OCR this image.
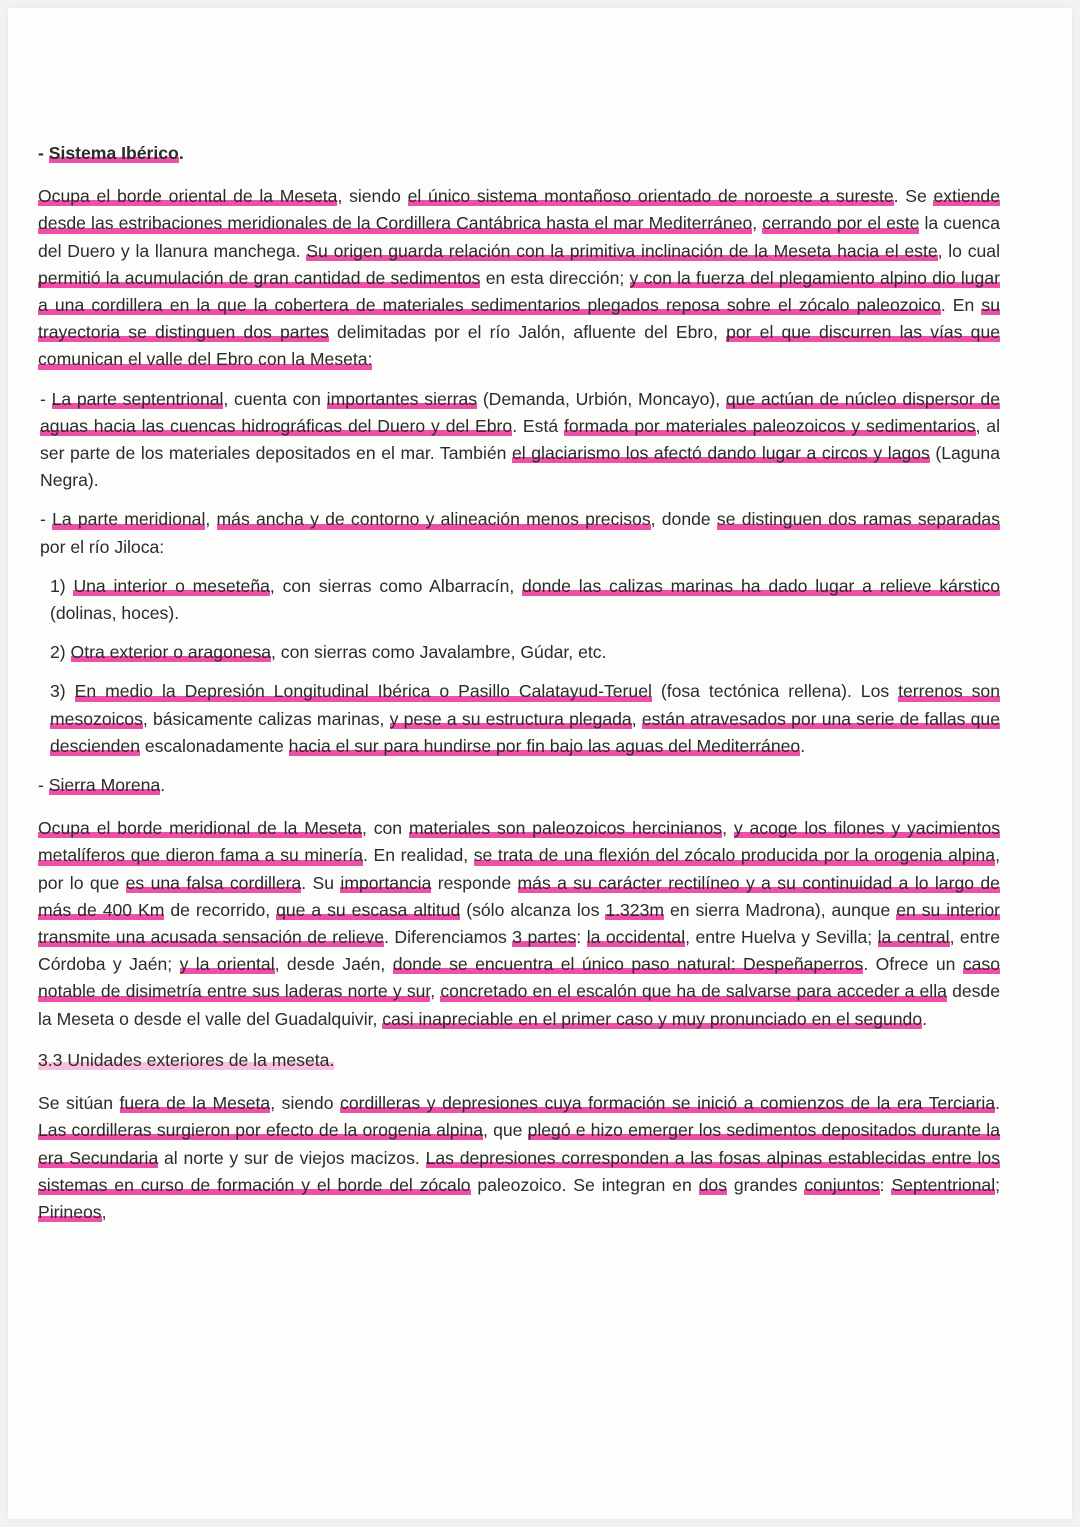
- Sistema Ibérico.

Ocupa el borde oriental de la Meseta, siendo el único sistema montañoso orientado de noroeste a sureste. Se extiende desde las estribaciones meridionales de la Cordillera Cantábrica hasta el mar Mediterráneo, cerrando por el este la cuenca del Duero y la llanura manchega. Su origen guarda relación con la primitiva inclinación de la Meseta hacia el este, lo cual permitió la acumulación de gran cantidad de sedimentos en esta dirección; y con la fuerza del plegamiento alpino dio lugar a una cordillera en la que la cobertera de materiales sedimentarios plegados reposa sobre el zócalo paleozoico. En su trayectoria se distinguen dos partes delimitadas por el río Jalón, afluente del Ebro, por el que discurren las vías que comunican el valle del Ebro con la Meseta:

- La parte septentrional, cuenta con importantes sierras (Demanda, Urbión, Moncayo), que actúan de núcleo dispersor de aguas hacia las cuencas hidrográficas del Duero y del Ebro. Está formada por materiales paleozoicos y sedimentarios, al ser parte de los materiales depositados en el mar. También el glaciarismo los afectó dando lugar a circos y lagos (Laguna Negra).

- La parte meridional, más ancha y de contorno y alineación menos precisos, donde se distinguen dos ramas separadas por el río Jiloca:

1) Una interior o meseteña, con sierras como Albarracín, donde las calizas marinas ha dado lugar a relieve kárstico (dolinas, hoces).

2) Otra exterior o aragonesa, con sierras como Javalambre, Gúdar, etc.

3) En medio la Depresión Longitudinal Ibérica o Pasillo Calatayud-Teruel (fosa tectónica rellena). Los terrenos son mesozoicos, básicamente calizas marinas, y pese a su estructura plegada, están atravesados por una serie de fallas que descienden escalonadamente hacia el sur para hundirse por fin bajo las aguas del Mediterráneo.

- Sierra Morena.

Ocupa el borde meridional de la Meseta, con materiales son paleozoicos hercinianos, y acoge los filones y yacimientos metalíferos que dieron fama a su minería. En realidad, se trata de una flexión del zócalo producida por la orogenia alpina, por lo que es una falsa cordillera. Su importancia responde más a su carácter rectilíneo y a su continuidad a lo largo de más de 400 Km de recorrido, que a su escasa altitud (sólo alcanza los 1.323m en sierra Madrona), aunque en su interior transmite una acusada sensación de relieve. Diferenciamos 3 partes: la occidental, entre Huelva y Sevilla; la central, entre Córdoba y Jaén; y la oriental, desde Jaén, donde se encuentra el único paso natural: Despeñaperros. Ofrece un caso notable de disimetría entre sus laderas norte y sur, concretado en el escalón que ha de salvarse para acceder a ella desde la Meseta o desde el valle del Guadalquivir, casi inapreciable en el primer caso y muy pronunciado en el segundo.

3.3 Unidades exteriores de la meseta.

Se sitúan fuera de la Meseta, siendo cordilleras y depresiones cuya formación se inició a comienzos de la era Terciaria. Las cordilleras surgieron por efecto de la orogenia alpina, que plegó e hizo emerger los sedimentos depositados durante la era Secundaria al norte y sur de viejos macizos. Las depresiones corresponden a las fosas alpinas establecidas entre los sistemas en curso de formación y el borde del zócalo paleozoico. Se integran en dos grandes conjuntos: Septentrional; Pirineos,
